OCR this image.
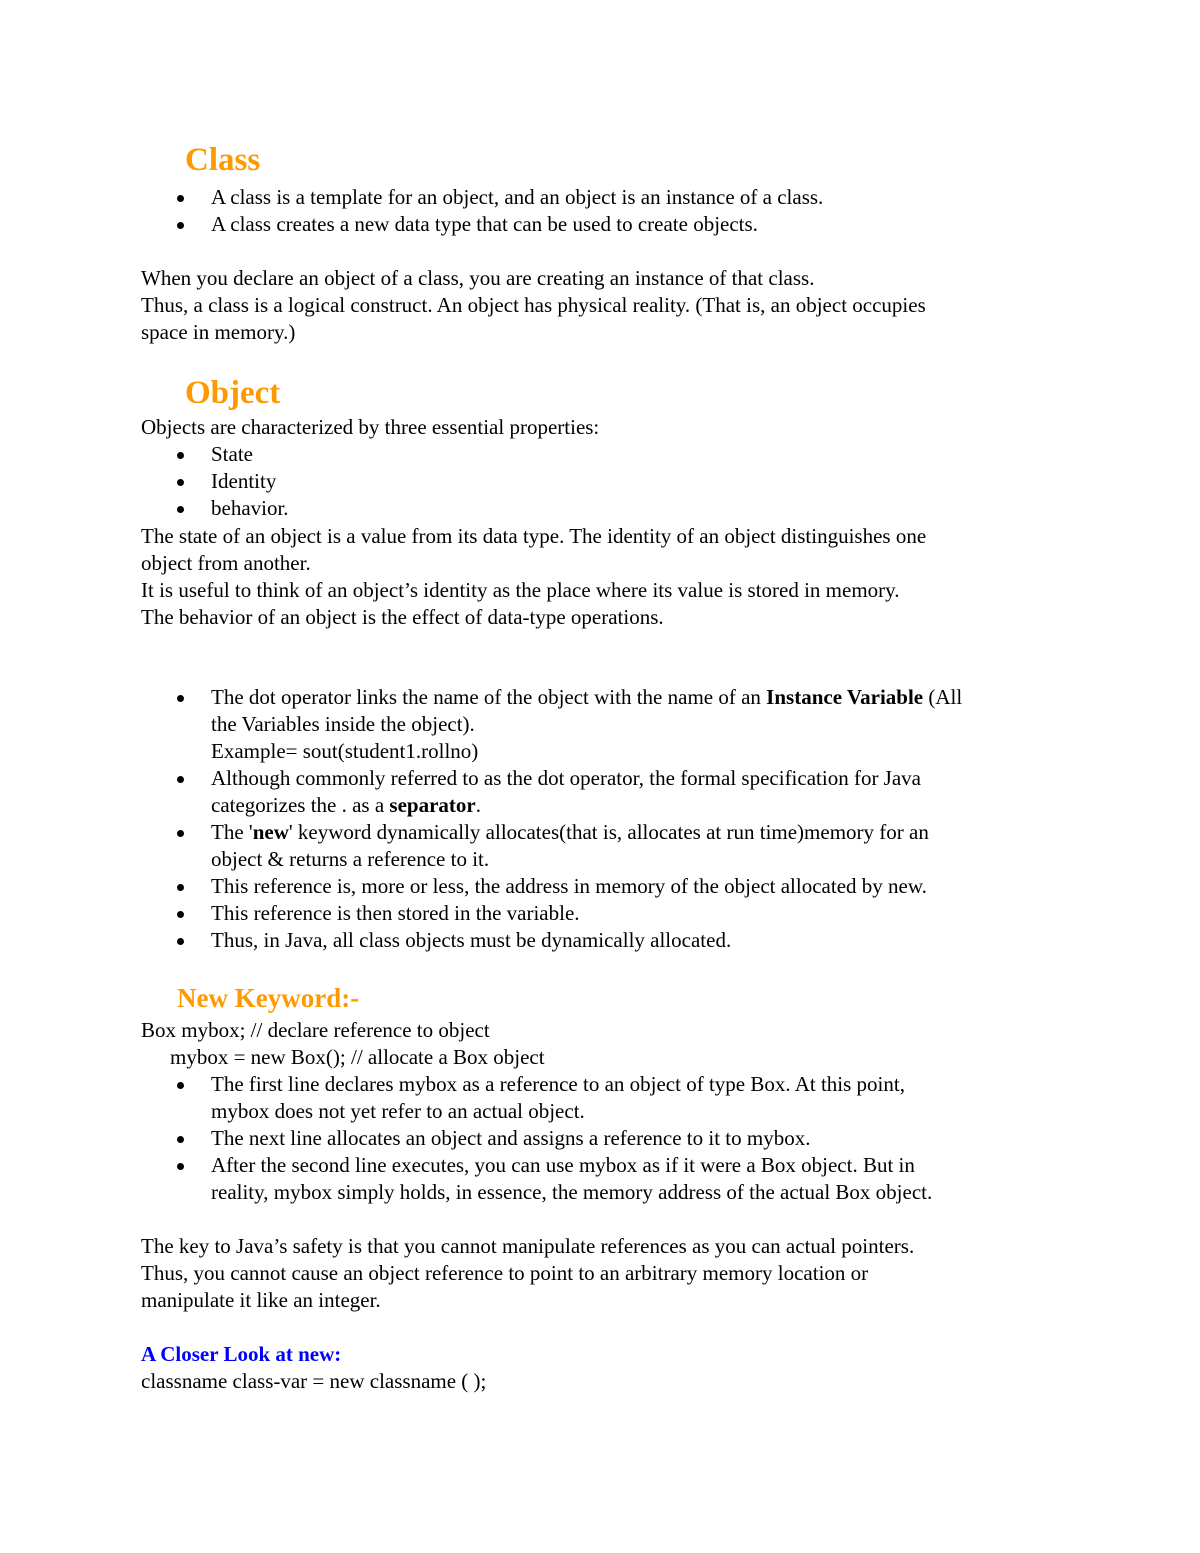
Class
A class is a template for an object, and an object is an instance of a class.
A class creates a new data type that can be used to create objects.
When you declare an object of a class, you are creating an instance of that class.
Thus, a class is a logical construct. An object has physical reality. (That is, an object occupies
space in memory.)
Object
Objects are characterized by three essential properties:
State
Identity
behavior.
The state of an object is a value from its data type. The identity of an object distinguishes one
object from another.
It is useful to think of an object’s identity as the place where its value is stored in memory.
The behavior of an object is the effect of data-type operations.
The dot operator links the name of the object with the name of an Instance Variable (All
the Variables inside the object).
Example= sout(student1.rollno)
Although commonly referred to as the dot operator, the formal specification for Java
categorizes the . as a separator.
The 'new' keyword dynamically allocates(that is, allocates at run time)memory for an
object & returns a reference to it.
This reference is, more or less, the address in memory of the object allocated by new.
This reference is then stored in the variable.
Thus, in Java, all class objects must be dynamically allocated.
New Keyword:-
Box mybox; // declare reference to object
mybox = new Box(); // allocate a Box object
The first line declares mybox as a reference to an object of type Box. At this point,
mybox does not yet refer to an actual object.
The next line allocates an object and assigns a reference to it to mybox.
After the second line executes, you can use mybox as if it were a Box object. But in
reality, mybox simply holds, in essence, the memory address of the actual Box object.
The key to Java’s safety is that you cannot manipulate references as you can actual pointers.
Thus, you cannot cause an object reference to point to an arbitrary memory location or
manipulate it like an integer.
A Closer Look at new:
classname class-var = new classname ( );
